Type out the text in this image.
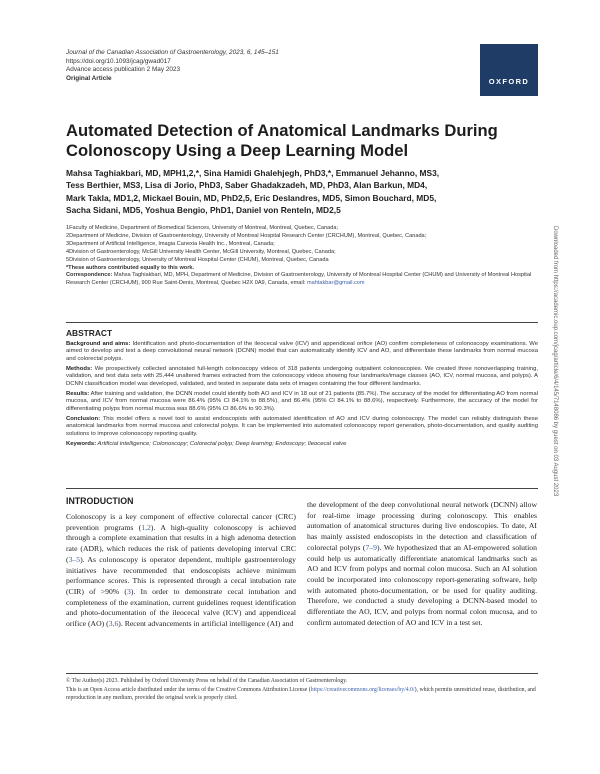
Journal of the Canadian Association of Gastroenterology, 2023, 6, 145–151
https://doi.org/10.1093/jcag/gwad017
Advance access publication 2 May 2023
Original Article	OXFORD
Automated Detection of Anatomical Landmarks During Colonoscopy Using a Deep Learning Model
Mahsa Taghiakbari, MD, MPH1,2,*, Sina Hamidi Ghalehjegh, PhD3,*, Emmanuel Jehanno, MS3,
Tess Berthier, MS3, Lisa di Jorio, PhD3, Saber Ghadakzadeh, MD, PhD3, Alan Barkun, MD4,
Mark Takla, MD1,2, Mickael Bouin, MD, PhD2,5, Eric Deslandres, MD5, Simon Bouchard, MD5,
Sacha Sidani, MD5, Yoshua Bengio, PhD1, Daniel von Renteln, MD2,5
1Faculty of Medicine, Department of Biomedical Sciences, University of Montreal, Montreal, Quebec, Canada;
2Department of Medicine, Division of Gastroenterology, University of Montreal Hospital Research Center (CRCHUM), Montreal, Quebec, Canada;
3Department of Artificial Intelligence, Imagia Canexia Health Inc., Montreal, Canada;
4Division of Gastroenterology, McGill University Health Center, McGill University, Montreal, Quebec, Canada;
5Division of Gastroenterology, University of Montreal Hospital Center (CHUM), Montreal, Quebec, Canada
*These authors contributed equally to this work.
Correspondence: Mahsa Taghiakbari, MD, MPH, Department of Medicine, Division of Gastroenterology, University of Montreal Hospital Center (CHUM) and University of Montreal Hospital Research Center (CRCHUM), 900 Rue Saint-Denis, Montreal, Quebec H2X 0A9, Canada, email: mahtakbar@gmail.com
ABSTRACT

Background and aims: Identification and photo-documentation of the ileocecal valve (ICV) and appendiceal orifice (AO) confirm completeness of colonoscopy examinations. We aimed to develop and test a deep convolutional neural network (DCNN) model that can automatically identify ICV and AO, and differentiate these landmarks from normal mucosa and colorectal polyps.

Methods: We prospectively collected annotated full-length colonoscopy videos of 318 patients undergoing outpatient colonoscopies. We created three nonoverlapping training, validation, and test data sets with 25,444 unaltered frames extracted from the colonoscopy videos showing four landmarks/image classes (AO, ICV, normal mucosa, and polyps). A DCNN classification model was developed, validated, and tested in separate data sets of images containing the four different landmarks.

Results: After training and validation, the DCNN model could identify both AO and ICV in 18 out of 21 patients (85.7%). The accuracy of the model for differentiating AO from normal mucosa, and ICV from normal mucosa were 86.4% (95% CI 84.1% to 88.5%), and 86.4% (95% CI 84.1% to 88.6%), respectively. Furthermore, the accuracy of the model for differentiating polyps from normal mucosa was 88.6% (95% CI 86.6% to 90.3%).

Conclusion: This model offers a novel tool to assist endoscopists with automated identification of AO and ICV during colonoscopy. The model can reliably distinguish these anatomical landmarks from normal mucosa and colorectal polyps. It can be implemented into automated colonoscopy report generation, photo-documentation, and quality auditing solutions to improve colonoscopy reporting quality.

Keywords: Artificial intelligence; Colonoscopy; Colorectal polyp; Deep learning; Endoscopy; Ileocecal valve

INTRODUCTION

Colonoscopy is a key component of effective colorectal cancer (CRC) prevention programs (1,2). A high-quality colonoscopy is achieved through a complete examination that results in a high adenoma detection rate (ADR), which reduces the risk of patients developing interval CRC (3–5). As colonoscopy is operator dependent, multiple gastroenterology initiatives have recommended that endoscopists achieve minimum performance scores. This is represented through a cecal intubation rate (CIR) of >90% (3). In order to demonstrate cecal intubation and completeness of the examination, current guidelines request identification and photo-documentation of the ileocecal valve (ICV) and appendiceal orifice (AO) (3,6). Recent advancements in artificial intelligence (AI) and

the development of the deep convolutional neural network (DCNN) allow for real-time image processing during colonoscopy. This enables automation of anatomical structures during live endoscopies. To date, AI has mainly assisted endoscopists in the detection and classification of colorectal polyps (7–9). We hypothesized that an AI-empowered solution could help us automatically differentiate anatomical landmarks such as AO and ICV from polyps and normal colon mucosa. Such an AI solution could be incorporated into colonoscopy report-generating software, help with automated photo-documentation, or be used for quality auditing. Therefore, we conducted a study developing a DCNN-based model to differentiate the AO, ICV, and polyps from normal colon mucosa, and to confirm automated detection of AO and ICV in a test set.

© The Author(s) 2023. Published by Oxford University Press on behalf of the Canadian Association of Gastroenterology.
This is an Open Access article distributed under the terms of the Creative Commons Attribution License (https://creativecommons.org/licenses/by/4.0/), which permits unrestricted reuse, distribution, and reproduction in any medium, provided the original work is properly cited.
Downloaded from https://academic.oup.com/jcag/article/6/4/145/7148086 by guest on 03 August 2023
